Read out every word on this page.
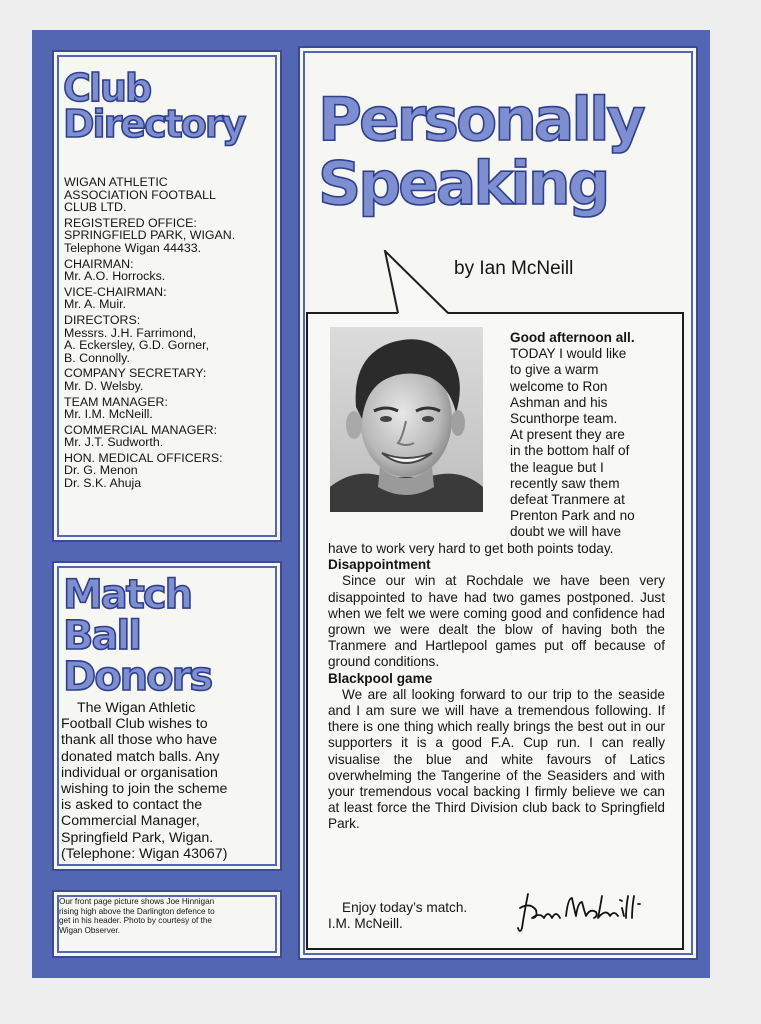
Club
Directory
WIGAN ATHLETIC
ASSOCIATION FOOTBALL
CLUB LTD.
REGISTERED OFFICE:
SPRINGFIELD PARK, WIGAN.
Telephone Wigan 44433.
CHAIRMAN:
Mr. A.O. Horrocks.
VICE-CHAIRMAN:
Mr. A. Muir.
DIRECTORS:
Messrs. J.H. Farrimond,
A. Eckersley, G.D. Gorner,
B. Connolly.
COMPANY SECRETARY:
Mr. D. Welsby.
TEAM MANAGER:
Mr. I.M. McNeill.
COMMERCIAL MANAGER:
Mr. J.T. Sudworth.
HON. MEDICAL OFFICERS:
Dr. G. Menon
Dr. S.K. Ahuja
Match
Ball
Donors
The Wigan Athletic
Football Club wishes to
thank all those who have
donated match balls. Any
individual or organisation
wishing to join the scheme
is asked to contact the
Commercial Manager,
Springfield Park, Wigan.
(Telephone: Wigan 43067)
Our front page picture shows Joe Hinnigan
rising high above the Darlington defence to
get in his header. Photo by courtesy of the
Wigan Observer.
Personally
Speaking
by Ian McNeill
Good afternoon all.
TODAY I would like
to give a warm
welcome to Ron
Ashman and his
Scunthorpe team.
At present they are
in the bottom half of
the league but I
recently saw them
defeat Tranmere at
Prenton Park and no
doubt we will have
have to work very hard to get both points today.
Disappointment
Since our win at Rochdale we have been very disappointed to have had two games postponed. Just when we felt we were coming good and confidence had grown we were dealt the blow of having both the Tranmere and Hartlepool games put off because of ground conditions.
Blackpool game
We are all looking forward to our trip to the seaside and I am sure we will have a tremendous following. If there is one thing which really brings the best out in our supporters it is a good F.A. Cup run. I can really visualise the blue and white favours of Latics overwhelming the Tangerine of the Seasiders and with your tremendous vocal backing I firmly believe we can at least force the Third Division club back to Springfield Park.
Enjoy today’s match.
I.M. McNeill.
